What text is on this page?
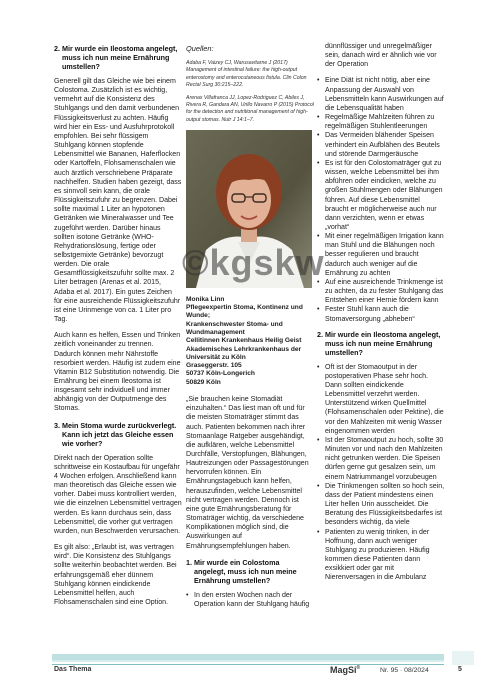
2. Mir wurde ein Ileostoma angelegt, muss ich nun meine Ernährung umstellen?

Generell gilt das Gleiche wie bei einem Colostoma. Zusätzlich ist es wichtig, vermehrt auf die Konsistenz des Stuhlgangs und den damit verbundenen Flüssigkeitsverlust zu achten. Häufig wird hier ein Ess- und Ausfuhrprotokoll empfohlen. Bei sehr flüssigem Stuhlgang können stopfende Lebensmittel wie Bananen, Haferflocken oder Kartoffeln, Flohsamenschalen wie auch ärztlich verschriebene Präparate nachhelfen. Studien haben gezeigt, dass es sinnvoll sein kann, die orale Flüssigkeitszufuhr zu begrenzen. Dabei sollte maximal 1 Liter an hypotonen Getränken wie Mineralwasser und Tee zugeführt werden. Darüber hinaus sollten isotone Getränke (WHO-Rehydrationslösung, fertige oder selbstgemixte Getränke) bevorzugt werden. Die orale Gesamtflüssigkeitszufuhr sollte max. 2 Liter betragen (Arenas et al. 2015, Adaba et al. 2017). Ein gutes Zeichen für eine ausreichende Flüssigkeitszufuhr ist eine Urinmenge von ca. 1 Liter pro Tag.

Auch kann es helfen, Essen und Trinken zeitlich voneinander zu trennen. Dadurch können mehr Nährstoffe resorbiert werden. Häufig ist zudem eine Vitamin B12 Substitution notwendig. Die Ernährung bei einem Ileostoma ist insgesamt sehr individuell und immer abhängig von der Outputmenge des Stomas.

3. Mein Stoma wurde zurückverlegt. Kann ich jetzt das Gleiche essen wie vorher?

Direkt nach der Operation sollte schrittweise ein Kostaufbau für ungefähr 4 Wochen erfolgen. Anschließend kann man theoretisch das Gleiche essen wie vorher. Dabei muss kontrolliert werden, wie die einzelnen Lebensmittel vertragen werden. Es kann durchaus sein, dass Lebensmittel, die vorher gut vertragen wurden, nun Beschwerden verursachen.

Es gilt also: „Erlaubt ist, was vertragen wird“. Die Konsistenz des Stuhlgangs sollte weiterhin beobachtet werden. Bei erfahrungsgemäß eher dünnem Stuhlgang können eindickende Lebensmittel helfen, auch Flohsamenschalen sind eine Option.

Quellen:

Adaba F, Vaizey CJ, Warusavitarne J (2017) Management of intestinal failure: the high-output enterostomy and enterocutaneous fistula. Clin Colon Rectal Surg 30:215–222.

Arenas Villafranca JJ, Lopez-Rodriguez C, Abiles J, Rivera R, Gandara AN, Urillo Navarro P (2015) Protocol for the detection and nutritional management of high-output stomas. Nutr J 14:1–7.

Monika Linn
Pflegeexpertin Stoma, Kontinenz und Wunde;
Krankenschwester Stoma- und Wundmanagement
Cellitinnen Krankenhaus Heilig Geist
Akademisches Lehrkrankenhaus der Universität zu Köln
Graseggerstr. 105
50737 Köln-Longerich
50829 Köln

„Sie brauchen keine Stomadiät einzuhalten.“ Das liest man oft und für die meisten Stomaträger stimmt das auch. Patienten bekommen nach ihrer Stomaanlage Ratgeber ausgehändigt, die aufklären, welche Lebensmittel Durchfälle, Verstopfungen, Blähungen, Hautreizungen oder Passagestörungen hervorrufen können. Ein Ernährungstagebuch kann helfen, herauszufinden, welche Lebensmittel nicht vertragen werden. Dennoch ist eine gute Ernährungsberatung für Stomaträger wichtig, da verschiedene Komplikationen möglich sind, die Auswirkungen auf Ernährungsempfehlungen haben.

1. Mir wurde ein Colostoma angelegt, muss ich nun meine Ernährung umstellen?
• In den ersten Wochen nach der Operation kann der Stuhlgang häufig

dünnflüssiger und unregelmäßiger sein, danach wird er ähnlich wie vor der Operation

• Eine Diät ist nicht nötig, aber eine Anpassung der Auswahl von Lebensmitteln kann Auswirkungen auf die Lebensqualität haben
• Regelmäßige Mahlzeiten führen zu regelmäßigen Stuhlentleerungen
• Das Vermeiden blähender Speisen verhindert ein Aufblähen des Beutels und störende Darmgeräusche
• Es ist für den Colostomaträger gut zu wissen, welche Lebensmittel bei ihm abführen oder eindicken, welche zu großen Stuhlmengen oder Blähungen führen. Auf diese Lebensmittel braucht er möglicherweise auch nur dann verzichten, wenn er etwas „vorhat“
• Mit einer regelmäßigen Irrigation kann man Stuhl und die Blähungen noch besser regulieren und braucht dadurch auch weniger auf die Ernährung zu achten
• Auf eine ausreichende Trinkmenge ist zu achten, da zu fester Stuhlgang das Entstehen einer Hernie fördern kann
• Fester Stuhl kann auch die Stomaversorgung „abheben“
2. Mir wurde ein Ileostoma angelegt, muss ich nun meine Ernährung umstellen?
• Oft ist der Stomaoutput in der postoperativen Phase sehr hoch. Dann sollten eindickende Lebensmittel verzehrt werden. Unterstützend wirken Quellmittel (Flohsamenschalen oder Pektine), die vor den Mahlzeiten mit wenig Wasser eingenommen werden
• Ist der Stomaoutput zu hoch, sollte 30 Minuten vor und nach den Mahlzeiten nicht getrunken werden. Die Speisen dürfen gerne gut gesalzen sein, um einem Natriummangel vorzubeugen
• Die Trinkmengen sollten so hoch sein, dass der Patient mindestens einen Liter hellen Urin ausscheidet. Die Beratung des Flüssigkeitsbedarfes ist besonders wichtig, da viele
• Patienten zu wenig trinken, in der Hoffnung, dann auch weniger Stuhlgang zu produzieren. Häufig kommen diese Patienten dann exsikkiert oder gar mit Nierenversagen in die Ambulanz
©kgskw
Das Thema	MagSi®	Nr. 95 · 08/2024	5
